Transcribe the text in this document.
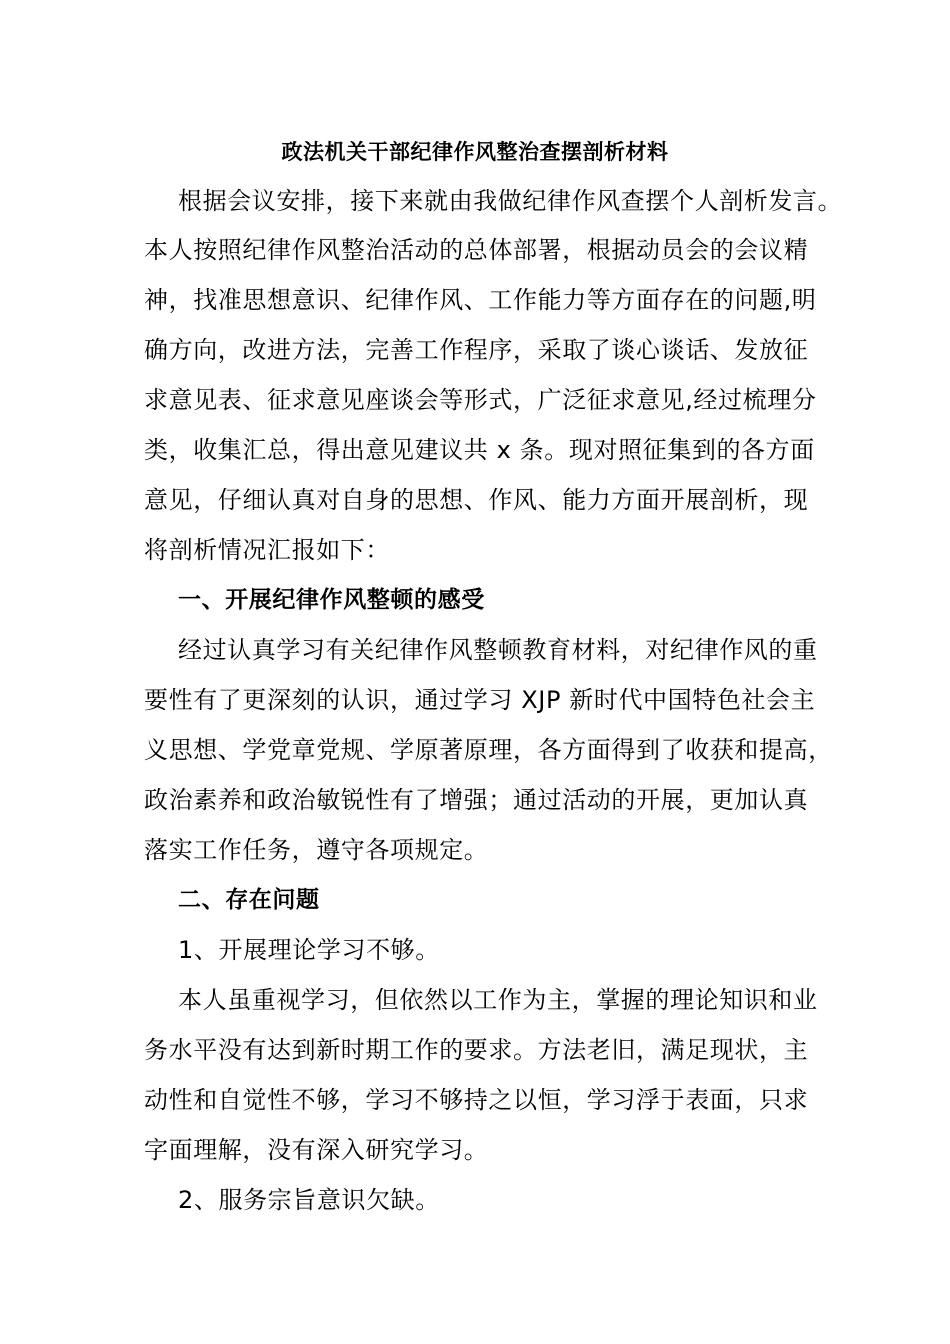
政法机关干部纪律作风整治查摆剖析材料
根据会议安排，接下来就由我做纪律作风查摆个人剖析发言。
本人按照纪律作风整治活动的总体部署，根据动员会的会议精
神，找准思想意识、纪律作风、工作能力等方面存在的问题,明
确方向，改进方法，完善工作程序，采取了谈心谈话、发放征
求意见表、征求意见座谈会等形式，广泛征求意见,经过梳理分
类，收集汇总，得出意见建议共 x 条。现对照征集到的各方面
意见，仔细认真对自身的思想、作风、能力方面开展剖析，现
将剖析情况汇报如下：
一、开展纪律作风整顿的感受
经过认真学习有关纪律作风整顿教育材料，对纪律作风的重
要性有了更深刻的认识，通过学习 XJP 新时代中国特色社会主
义思想、学党章党规、学原著原理，各方面得到了收获和提高，
政治素养和政治敏锐性有了增强；通过活动的开展，更加认真
落实工作任务，遵守各项规定。
二、存在问题
1、开展理论学习不够。
本人虽重视学习，但依然以工作为主，掌握的理论知识和业
务水平没有达到新时期工作的要求。方法老旧，满足现状，主
动性和自觉性不够，学习不够持之以恒，学习浮于表面，只求
字面理解，没有深入研究学习。
2、服务宗旨意识欠缺。
